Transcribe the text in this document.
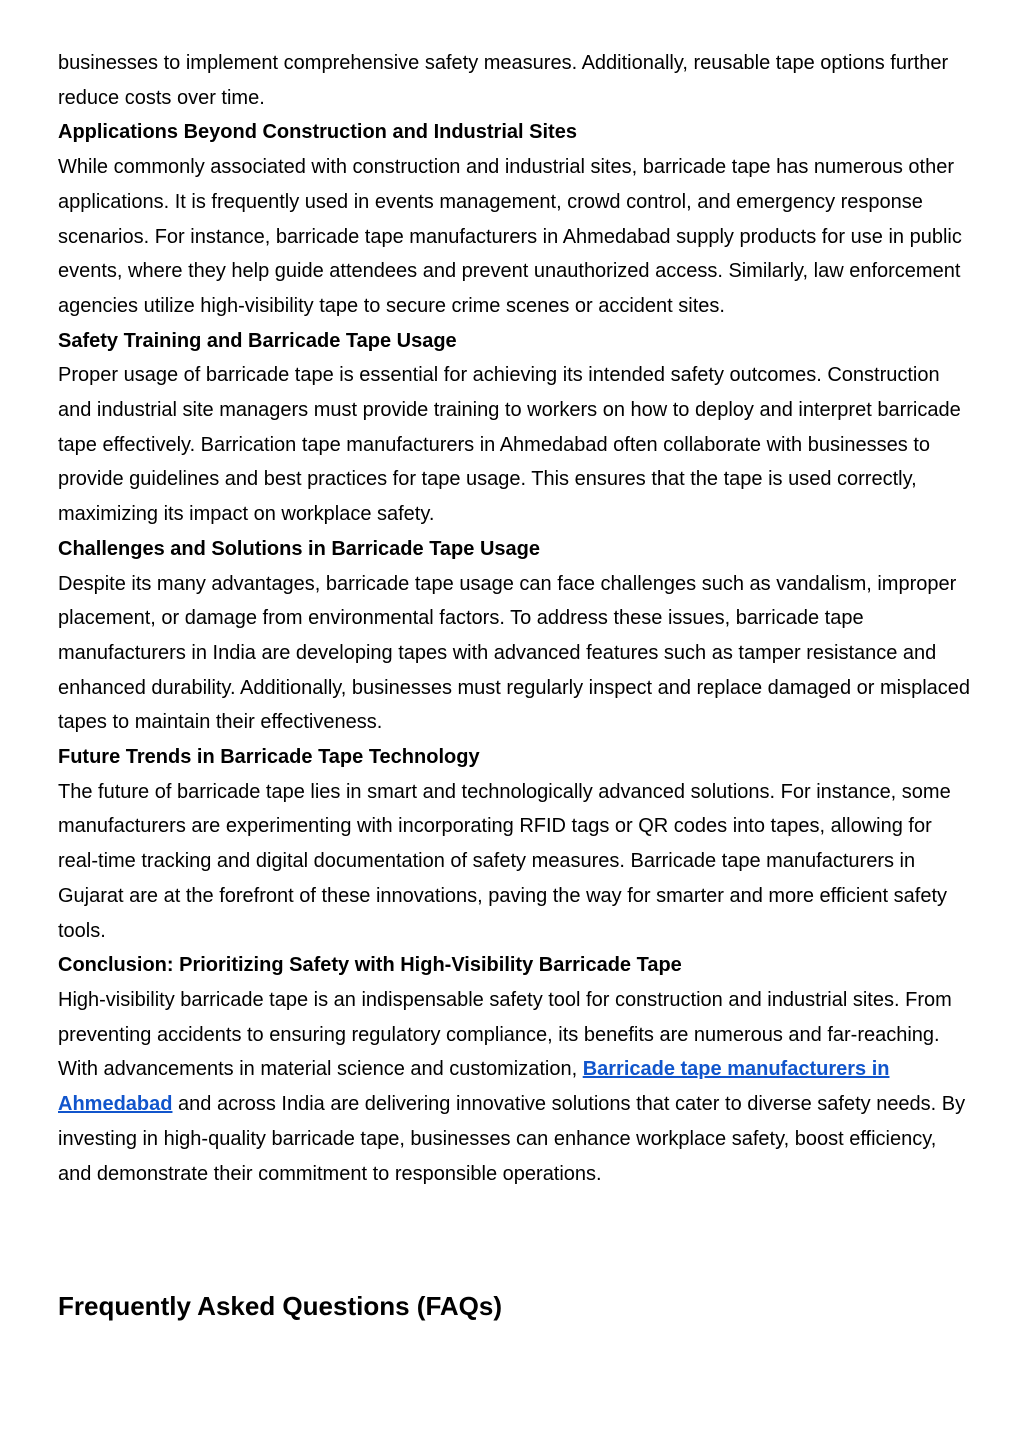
businesses to implement comprehensive safety measures. Additionally, reusable tape options further reduce costs over time.

Applications Beyond Construction and Industrial Sites

While commonly associated with construction and industrial sites, barricade tape has numerous other applications. It is frequently used in events management, crowd control, and emergency response scenarios. For instance, barricade tape manufacturers in Ahmedabad supply products for use in public events, where they help guide attendees and prevent unauthorized access. Similarly, law enforcement agencies utilize high-visibility tape to secure crime scenes or accident sites.

Safety Training and Barricade Tape Usage

Proper usage of barricade tape is essential for achieving its intended safety outcomes. Construction and industrial site managers must provide training to workers on how to deploy and interpret barricade tape effectively. Barrication tape manufacturers in Ahmedabad often collaborate with businesses to provide guidelines and best practices for tape usage. This ensures that the tape is used correctly, maximizing its impact on workplace safety.

Challenges and Solutions in Barricade Tape Usage

Despite its many advantages, barricade tape usage can face challenges such as vandalism, improper placement, or damage from environmental factors. To address these issues, barricade tape manufacturers in India are developing tapes with advanced features such as tamper resistance and enhanced durability. Additionally, businesses must regularly inspect and replace damaged or misplaced tapes to maintain their effectiveness.

Future Trends in Barricade Tape Technology

The future of barricade tape lies in smart and technologically advanced solutions. For instance, some manufacturers are experimenting with incorporating RFID tags or QR codes into tapes, allowing for real-time tracking and digital documentation of safety measures. Barricade tape manufacturers in Gujarat are at the forefront of these innovations, paving the way for smarter and more efficient safety tools.

Conclusion: Prioritizing Safety with High-Visibility Barricade Tape

High-visibility barricade tape is an indispensable safety tool for construction and industrial sites. From preventing accidents to ensuring regulatory compliance, its benefits are numerous and far-reaching. With advancements in material science and customization, Barricade tape manufacturers in Ahmedabad and across India are delivering innovative solutions that cater to diverse safety needs. By investing in high-quality barricade tape, businesses can enhance workplace safety, boost efficiency, and demonstrate their commitment to responsible operations.

Frequently Asked Questions (FAQs)
